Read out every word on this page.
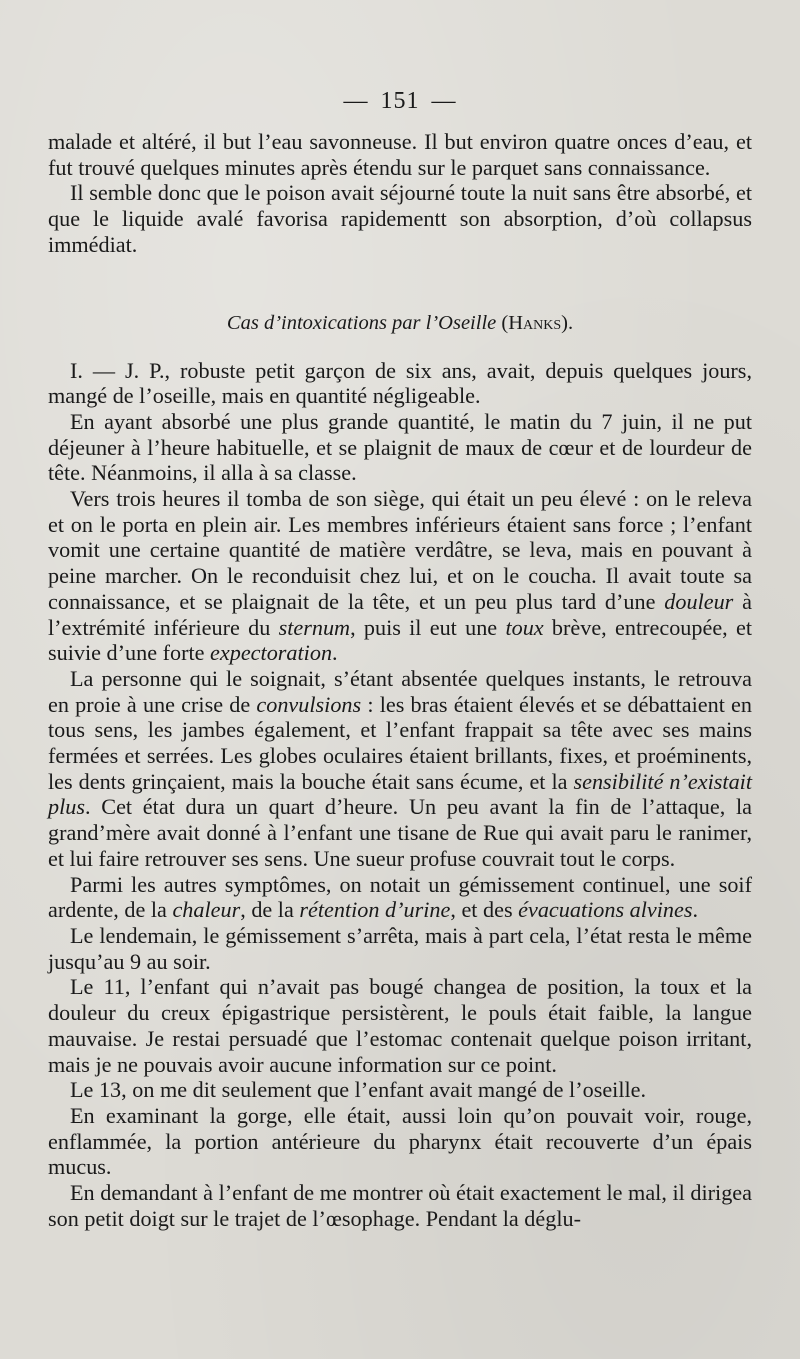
— 151 —

malade et altéré, il but l’eau savonneuse. Il but environ quatre onces d’eau, et fut trouvé quelques minutes après étendu sur le parquet sans connaissance.

Il semble donc que le poison avait séjourné toute la nuit sans être absorbé, et que le liquide avalé favorisa rapidementt son absorption, d’où collapsus immédiat.

Cas d’intoxications par l’Oseille (Hanks).

I. — J. P., robuste petit garçon de six ans, avait, depuis quelques jours, mangé de l’oseille, mais en quantité négligeable.

En ayant absorbé une plus grande quantité, le matin du 7 juin, il ne put déjeuner à l’heure habituelle, et se plaignit de maux de cœur et de lourdeur de tête. Néanmoins, il alla à sa classe.

Vers trois heures il tomba de son siège, qui était un peu élevé : on le releva et on le porta en plein air. Les membres inférieurs étaient sans force ; l’enfant vomit une certaine quantité de matière verdâtre, se leva, mais en pouvant à peine marcher. On le reconduisit chez lui, et on le coucha. Il avait toute sa connaissance, et se plaignait de la tête, et un peu plus tard d’une douleur à l’extrémité inférieure du sternum, puis il eut une toux brève, entrecoupée, et suivie d’une forte expectoration.

La personne qui le soignait, s’étant absentée quelques instants, le retrouva en proie à une crise de convulsions : les bras étaient élevés et se débattaient en tous sens, les jambes également, et l’enfant frappait sa tête avec ses mains fermées et serrées. Les globes oculaires étaient brillants, fixes, et proéminents, les dents grinçaient, mais la bouche était sans écume, et la sensibilité n’existait plus. Cet état dura un quart d’heure. Un peu avant la fin de l’attaque, la grand’mère avait donné à l’enfant une tisane de Rue qui avait paru le ranimer, et lui faire retrouver ses sens. Une sueur profuse couvrait tout le corps.

Parmi les autres symptômes, on notait un gémissement continuel, une soif ardente, de la chaleur, de la rétention d’urine, et des évacuations alvines.

Le lendemain, le gémissement s’arrêta, mais à part cela, l’état resta le même jusqu’au 9 au soir.

Le 11, l’enfant qui n’avait pas bougé changea de position, la toux et la douleur du creux épigastrique persistèrent, le pouls était faible, la langue mauvaise. Je restai persuadé que l’estomac contenait quelque poison irritant, mais je ne pouvais avoir aucune information sur ce point.

Le 13, on me dit seulement que l’enfant avait mangé de l’oseille.

En examinant la gorge, elle était, aussi loin qu’on pouvait voir, rouge, enflammée, la portion antérieure du pharynx était recouverte d’un épais mucus.

En demandant à l’enfant de me montrer où était exactement le mal, il dirigea son petit doigt sur le trajet de l’œsophage. Pendant la déglu-
